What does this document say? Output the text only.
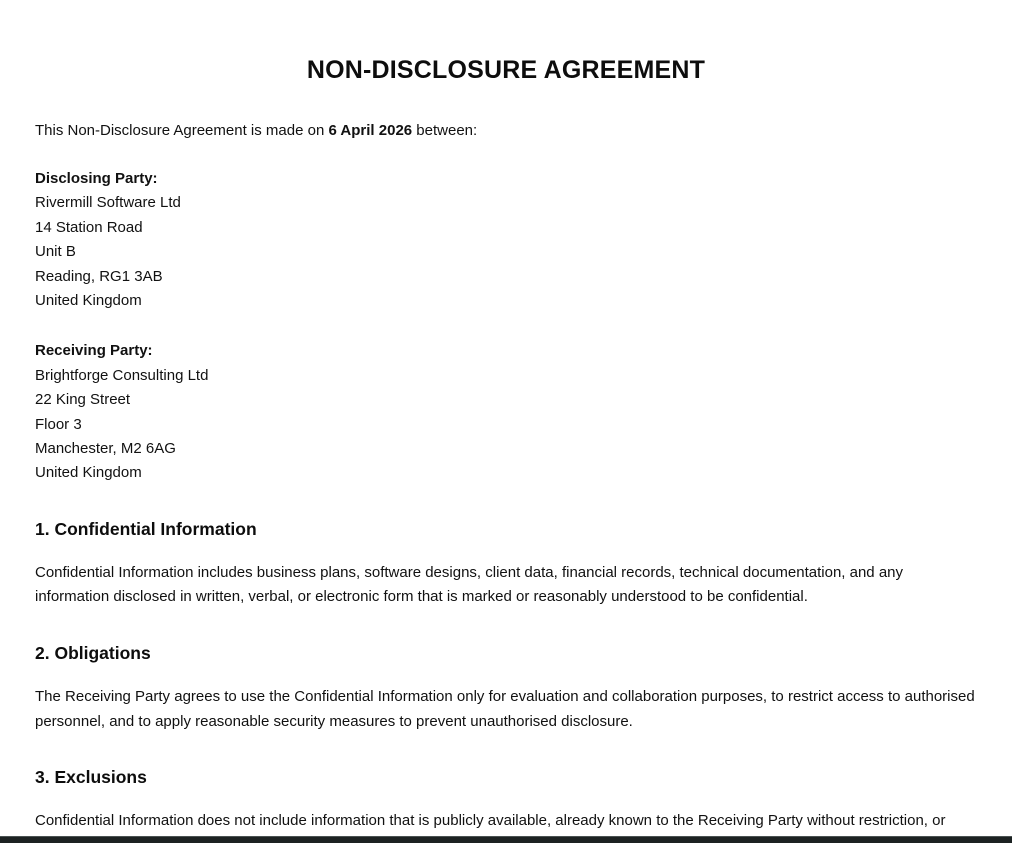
NON-DISCLOSURE AGREEMENT

This Non-Disclosure Agreement is made on 6 April 2026 between:

Disclosing Party:
Rivermill Software Ltd
14 Station Road
Unit B
Reading, RG1 3AB
United Kingdom
Receiving Party:
Brightforge Consulting Ltd
22 King Street
Floor 3
Manchester, M2 6AG
United Kingdom
1. Confidential Information

Confidential Information includes business plans, software designs, client data, financial records, technical documentation, and any information disclosed in written, verbal, or electronic form that is marked or reasonably understood to be confidential.

2. Obligations

The Receiving Party agrees to use the Confidential Information only for evaluation and collaboration purposes, to restrict access to authorised personnel, and to apply reasonable security measures to prevent unauthorised disclosure.

3. Exclusions

Confidential Information does not include information that is publicly available, already known to the Receiving Party without restriction, or
